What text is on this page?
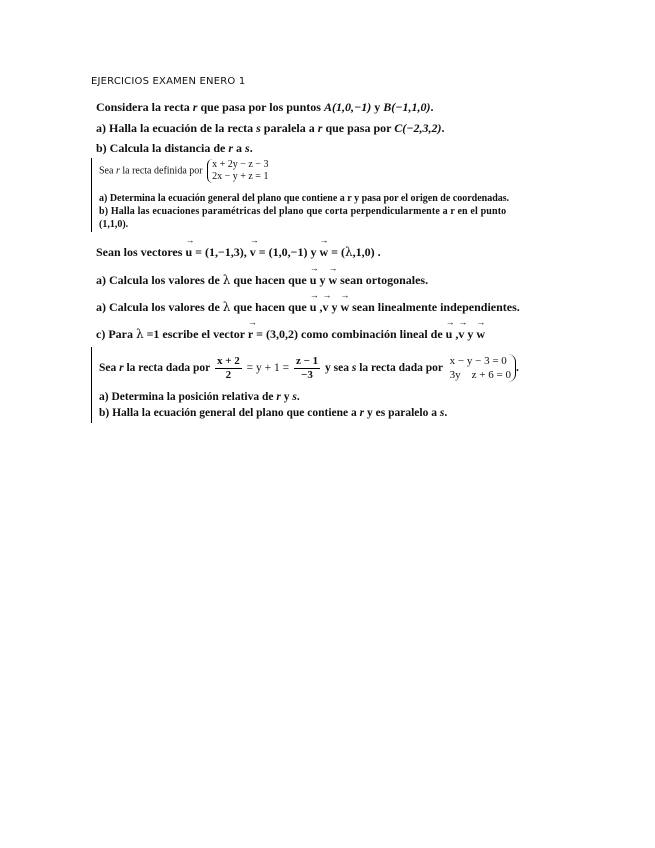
EJERCICIOS EXAMEN ENERO 1
Considera la recta r que pasa por los puntos A(1,0,−1) y B(−1,1,0).
a) Halla la ecuación de la recta s paralela a r que pasa por C(−2,3,2).
b) Calcula la distancia de r a s.
Sea r la recta definida por
x + 2y − z − 3
2x − y + z = 1
a) Determina la ecuación general del plano que contiene a r y pasa por el origen de coordenadas.
b) Halla las ecuaciones paramétricas del plano que corta perpendicularmente a r en el punto
(1,1,0).
Sean los vectores → u = (1,−1,3), → v = (1,0,−1) y → w = (λ,1,0) .
a) Calcula los valores de λ que hacen que → u y → w sean ortogonales.
a) Calcula los valores de λ que hacen que → u ,→ v y → w sean linealmente independientes.
c) Para λ =1 escribe el vector → r = (3,0,2) como combinación lineal de → u ,→ v y → w
Sea r la recta dada por $\frac{x + 2}{2} = y + 1 = \frac{z - 1}{-3}$ y sea s la recta dada por
x − y − 3 = 0
3y    z + 6 = 0
.
a) Determina la posición relativa de r y s.
b) Halla la ecuación general del plano que contiene a r y es paralelo a s.
